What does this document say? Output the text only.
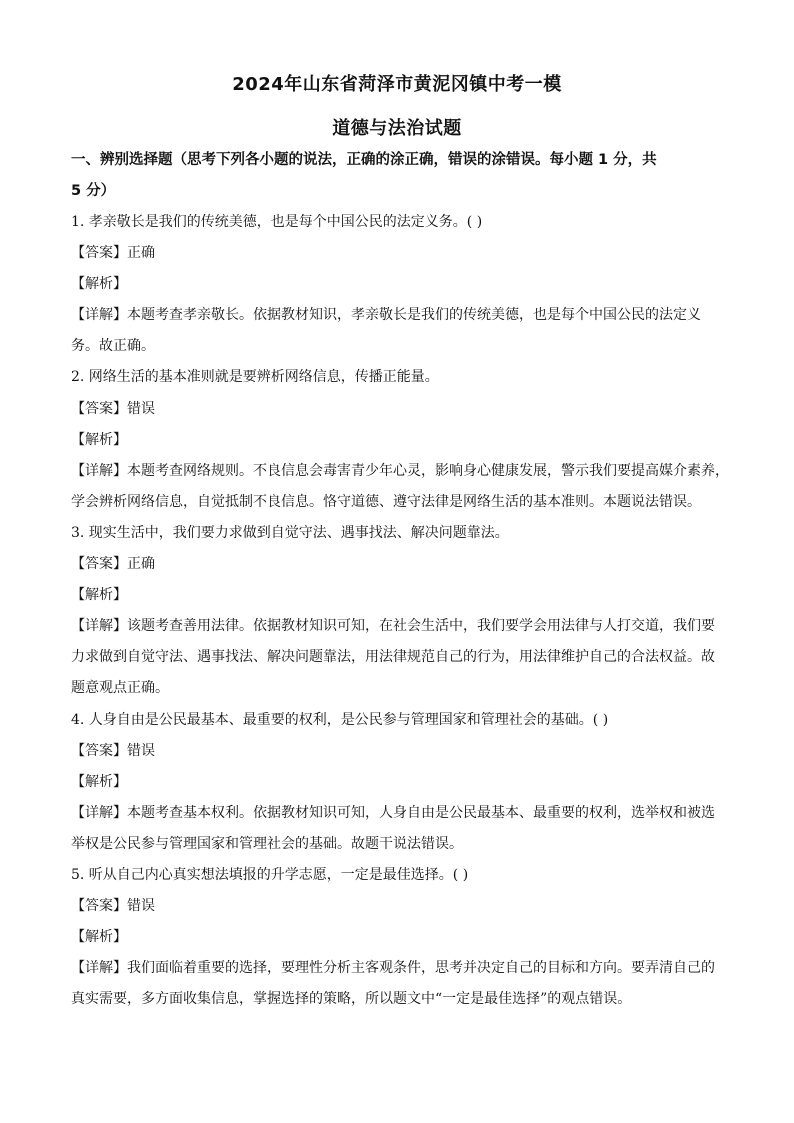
2024年山东省菏泽市黄泥冈镇中考一模
道德与法治试题
一、辨别选择题（思考下列各小题的说法，正确的涂正确，错误的涂错误。每小题 1 分，共
5 分）
1. 孝亲敬长是我们的传统美德，也是每个中国公民的法定义务。( )
【答案】正确
【解析】
【详解】本题考查孝亲敬长。依据教材知识，孝亲敬长是我们的传统美德，也是每个中国公民的法定义
务。故正确。
2. 网络生活的基本准则就是要辨析网络信息，传播正能量。
【答案】错误
【解析】
【详解】本题考查网络规则。不良信息会毒害青少年心灵，影响身心健康发展，警示我们要提高媒介素养，
学会辨析网络信息，自觉抵制不良信息。恪守道德、遵守法律是网络生活的基本准则。本题说法错误。
3. 现实生活中，我们要力求做到自觉守法、遇事找法、解决问题靠法。
【答案】正确
【解析】
【详解】该题考查善用法律。依据教材知识可知，在社会生活中，我们要学会用法律与人打交道，我们要
力求做到自觉守法、遇事找法、解决问题靠法，用法律规范自己的行为，用法律维护自己的合法权益。故
题意观点正确。
4. 人身自由是公民最基本、最重要的权利，是公民参与管理国家和管理社会的基础。( )
【答案】错误
【解析】
【详解】本题考查基本权利。依据教材知识可知，人身自由是公民最基本、最重要的权利，选举权和被选
举权是公民参与管理国家和管理社会的基础。故题干说法错误。
5. 听从自己内心真实想法填报的升学志愿，一定是最佳选择。( )
【答案】错误
【解析】
【详解】我们面临着重要的选择，要理性分析主客观条件，思考并决定自己的目标和方向。要弄清自己的
真实需要，多方面收集信息，掌握选择的策略，所以题文中“一定是最佳选择”的观点错误。
